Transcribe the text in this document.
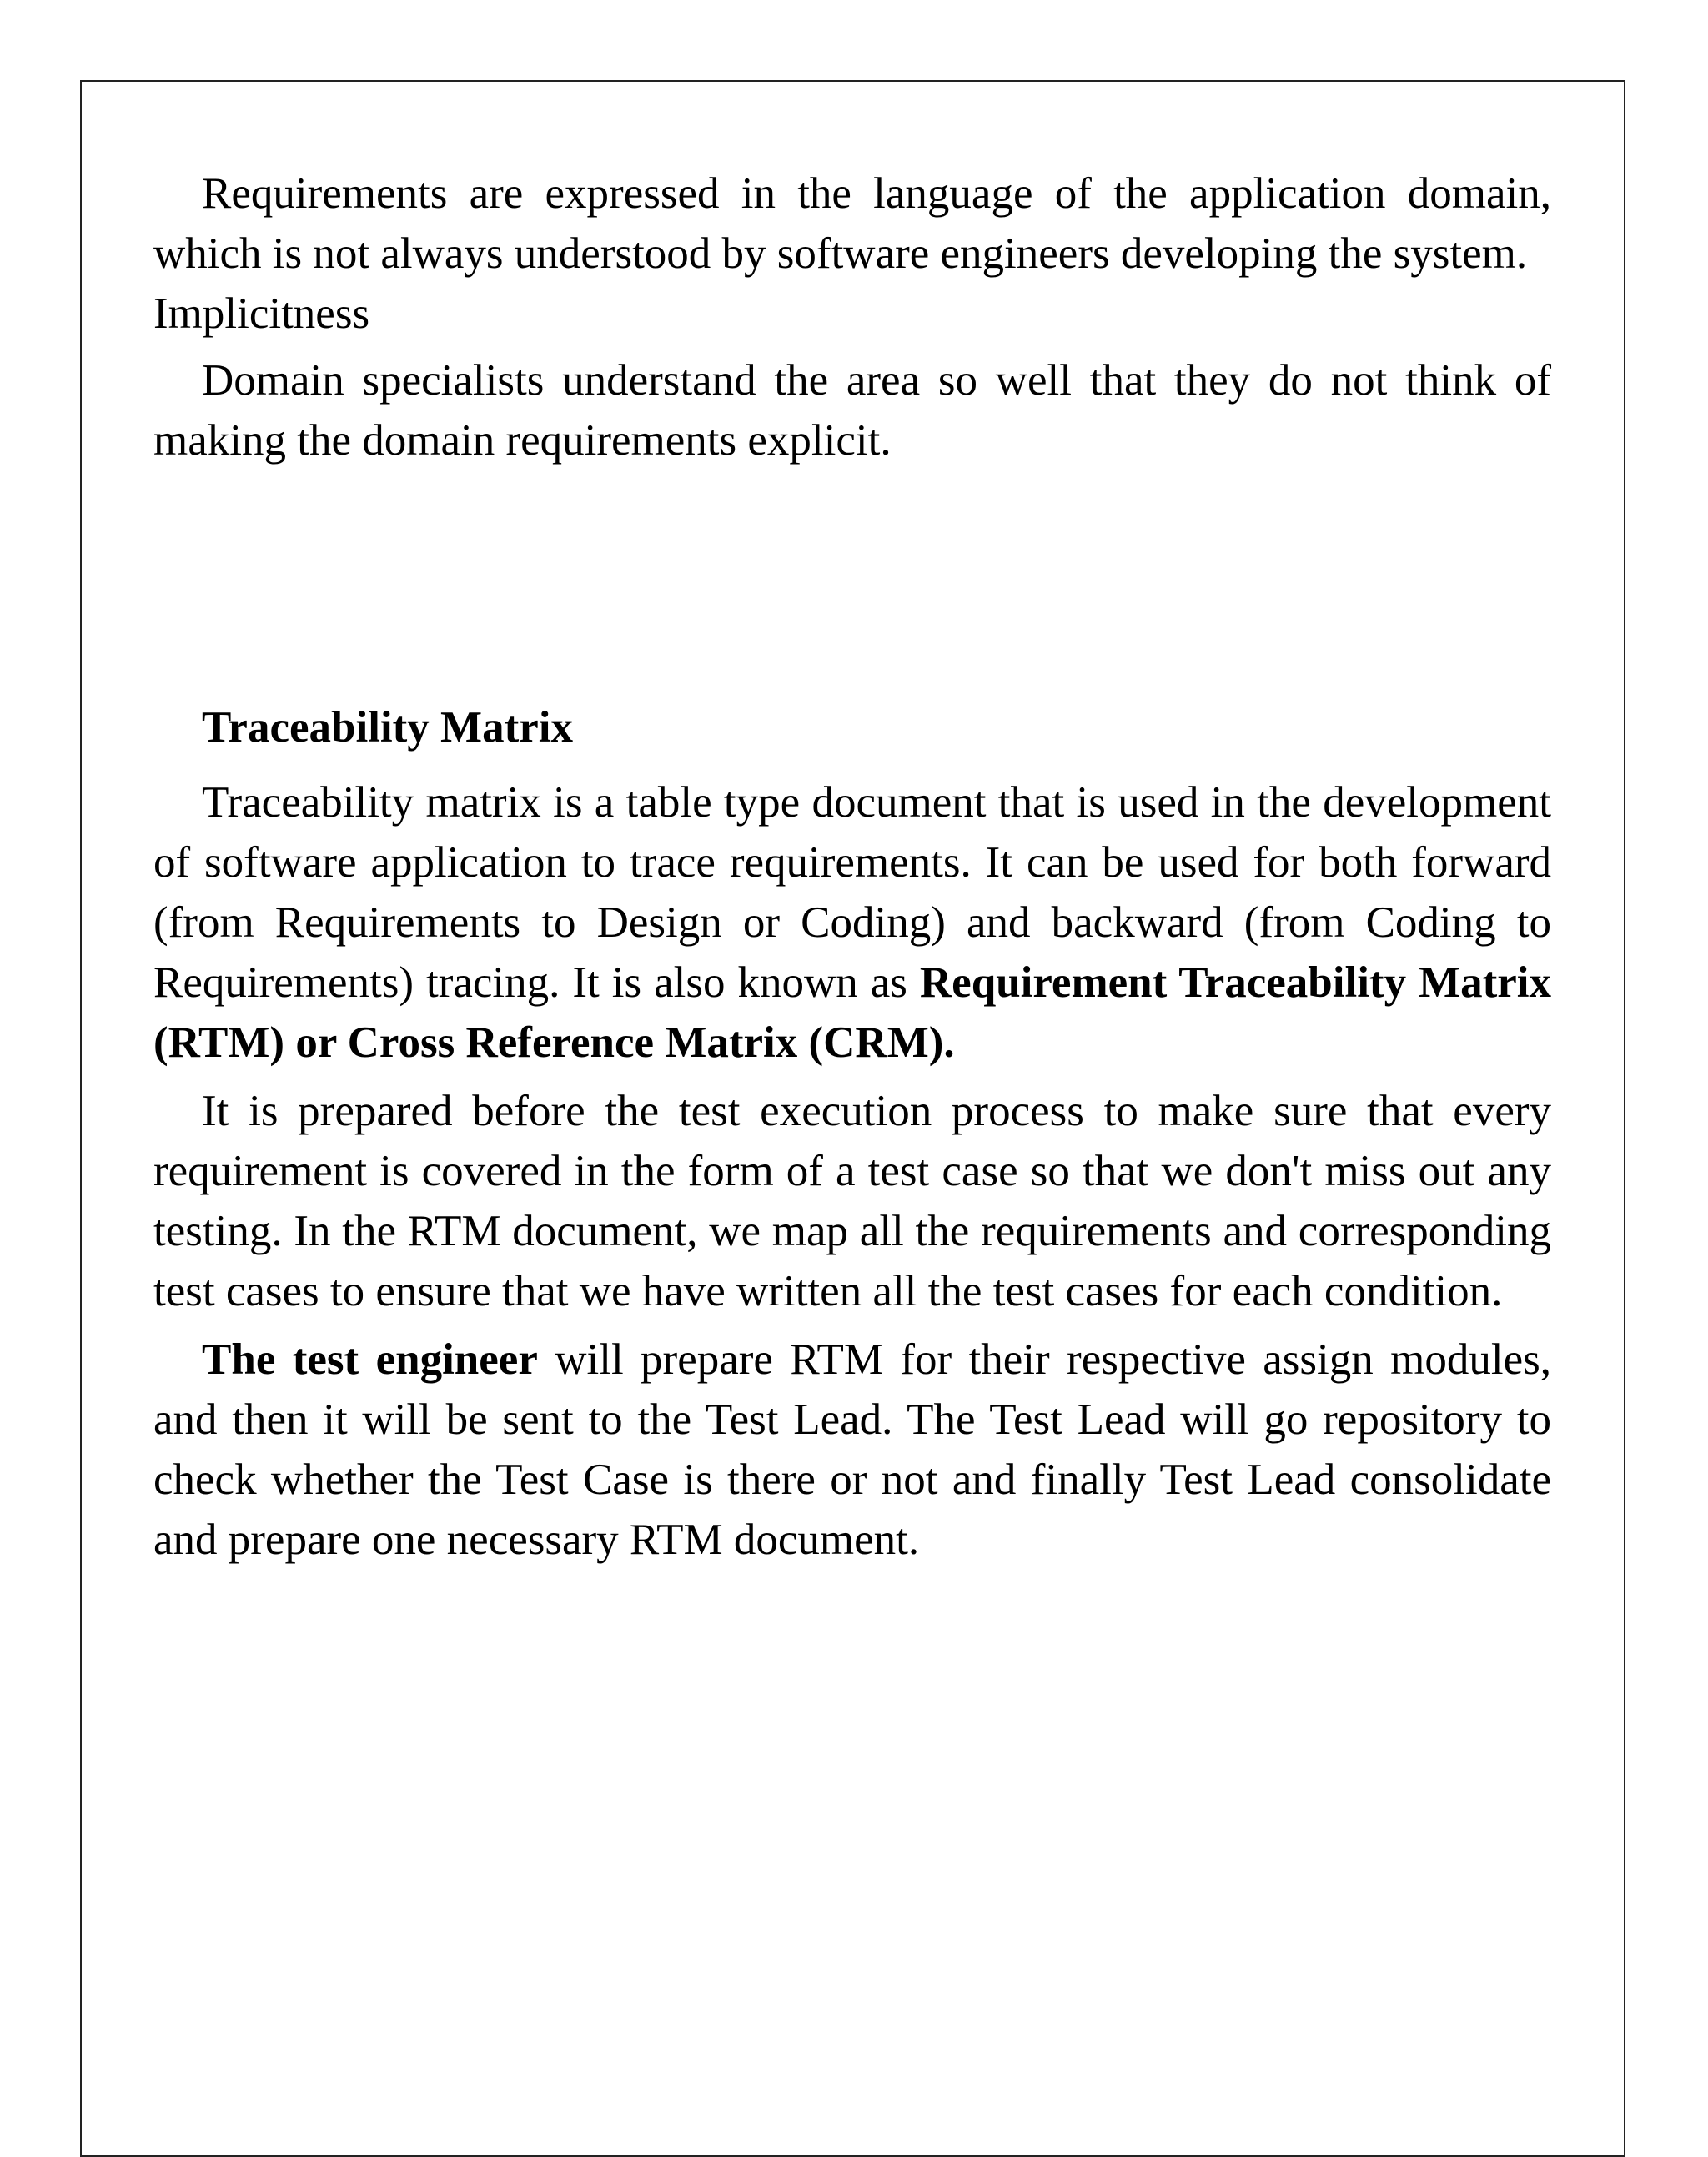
Requirements are expressed in the language of the application domain, which is not always understood by software engineers developing the system.

Implicitness

Domain specialists understand the area so well that they do not think of making the domain requirements explicit.

Traceability Matrix

Traceability matrix is a table type document that is used in the development of software application to trace requirements. It can be used for both forward (from Requirements to Design or Coding) and backward (from Coding to Requirements) tracing. It is also known as Requirement Traceability Matrix (RTM) or Cross Reference Matrix (CRM).

It is prepared before the test execution process to make sure that every requirement is covered in the form of a test case so that we don't miss out any testing. In the RTM document, we map all the requirements and corresponding test cases to ensure that we have written all the test cases for each condition.

The test engineer will prepare RTM for their respective assign modules, and then it will be sent to the Test Lead. The Test Lead will go repository to check whether the Test Case is there or not and finally Test Lead consolidate and prepare one necessary RTM document.
